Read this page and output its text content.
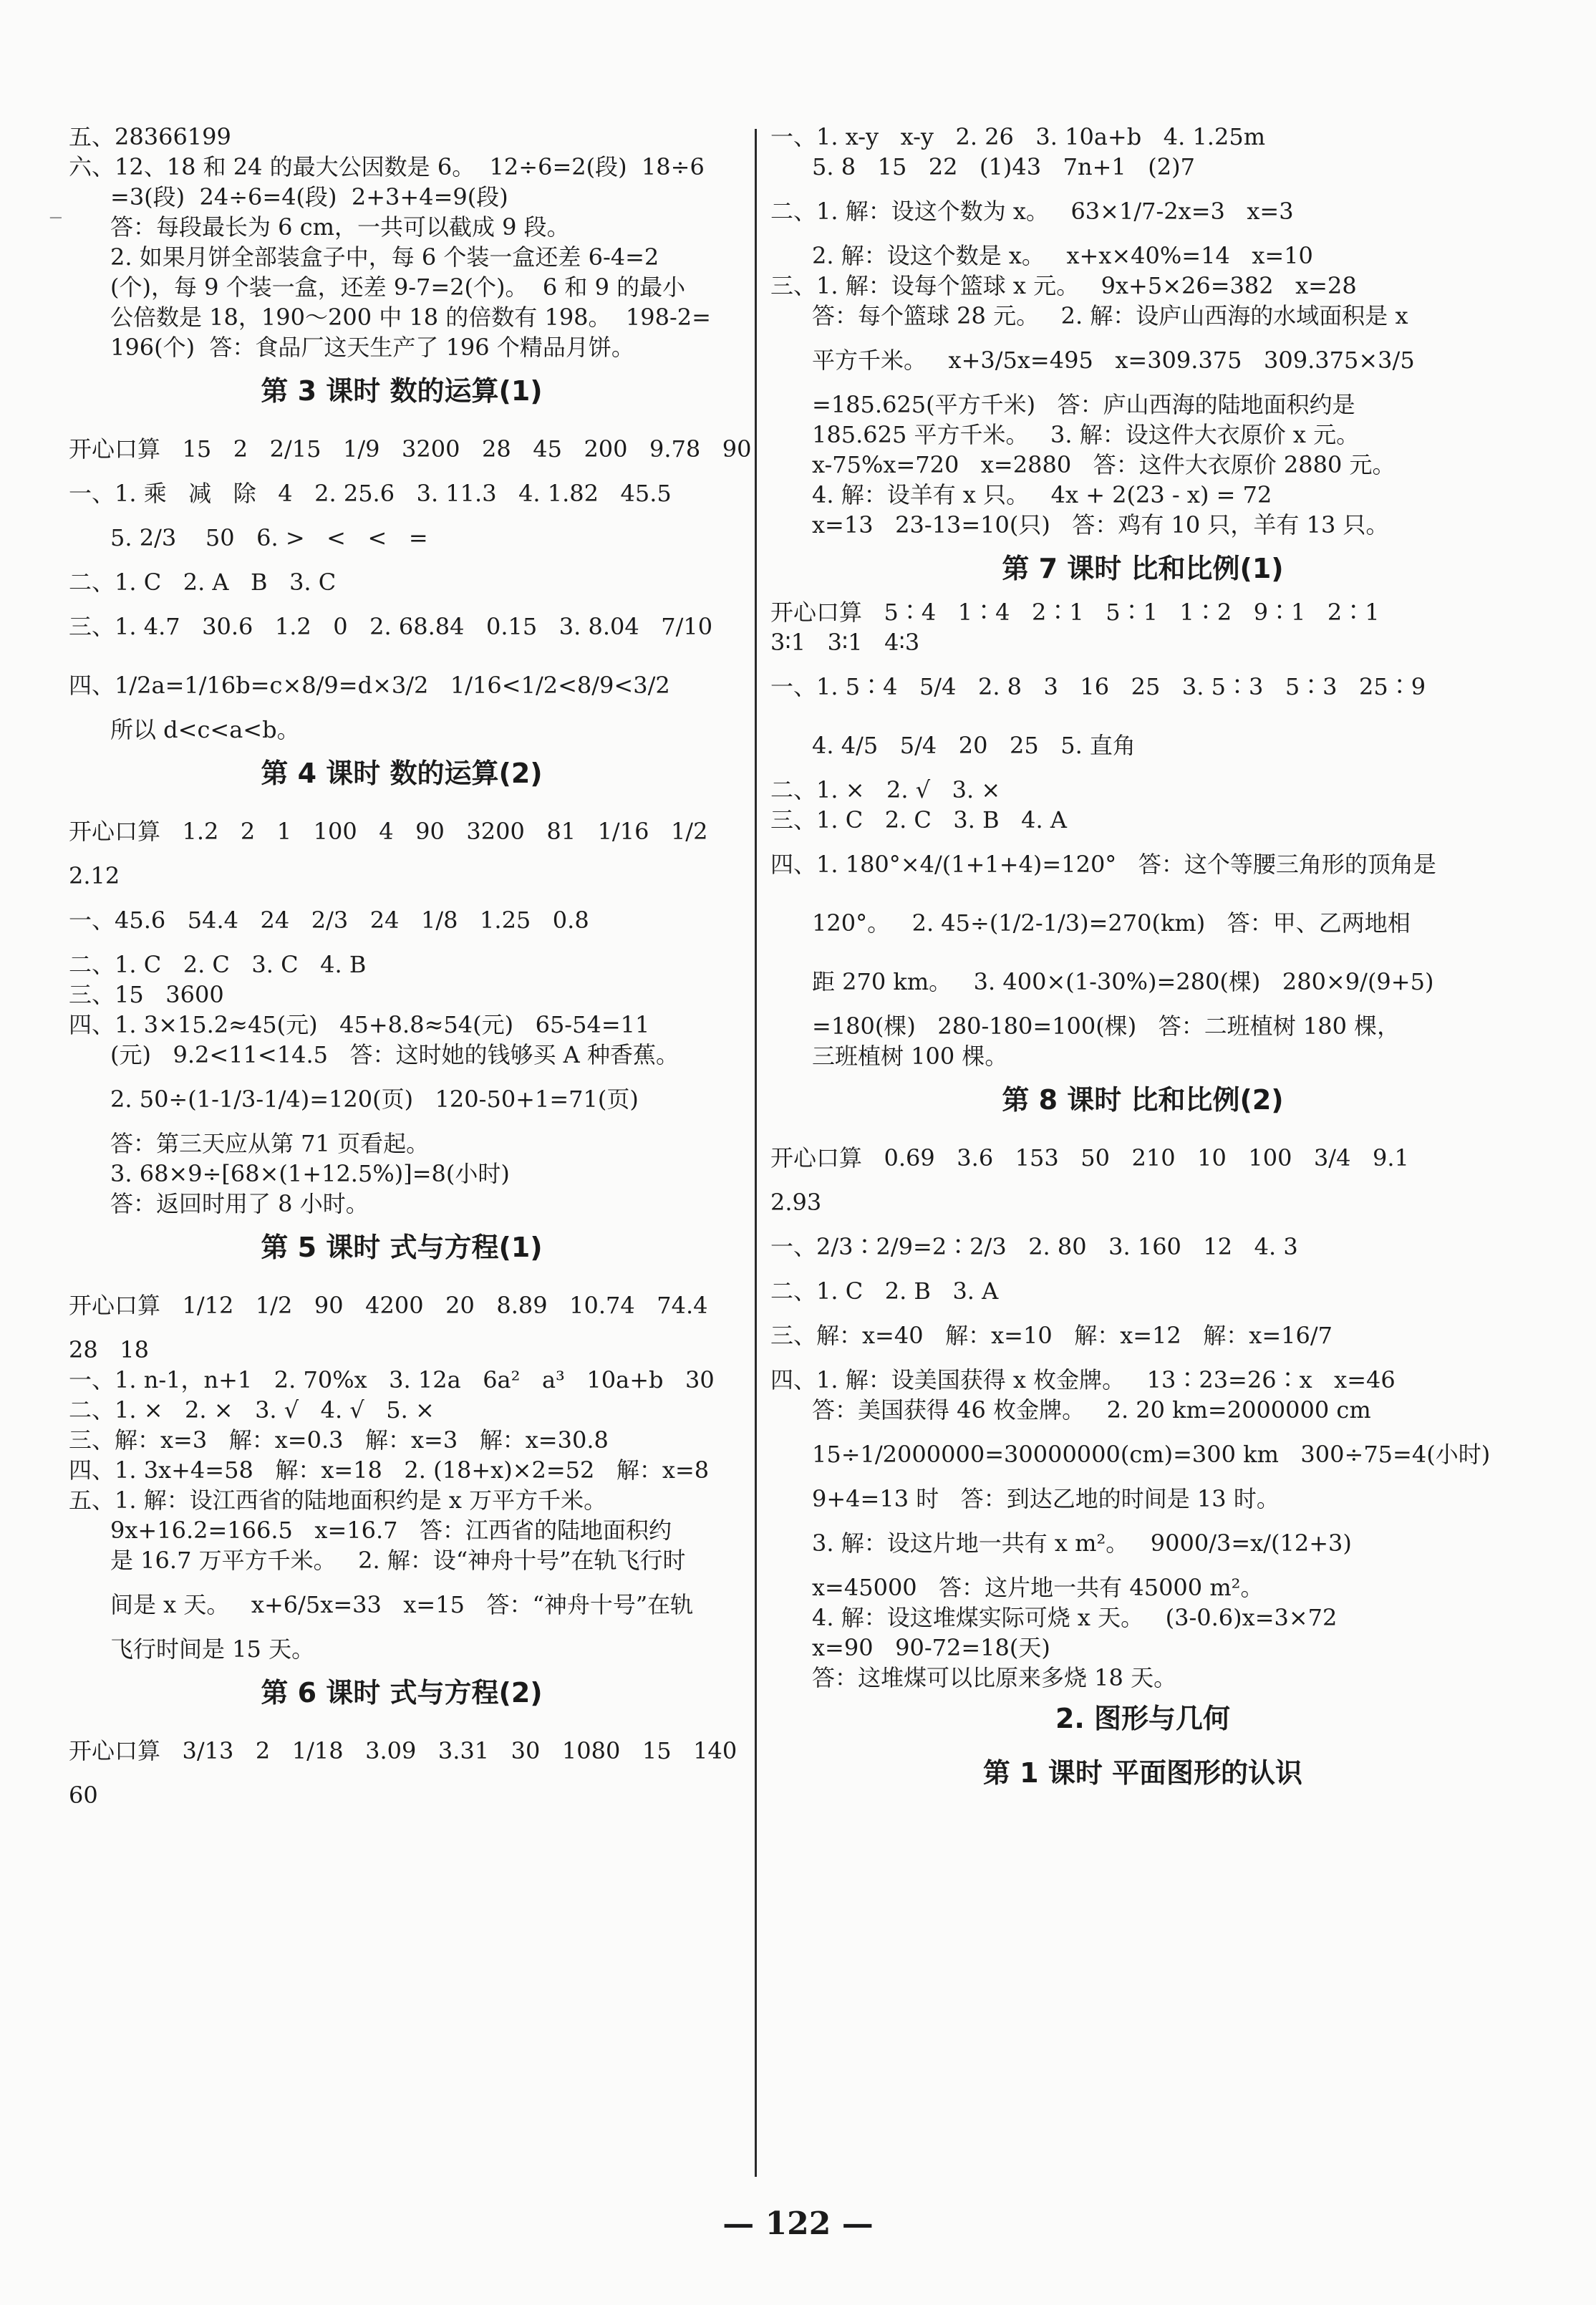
─
五、28366199
六、12、18 和 24 的最大公因数是 6。  12÷6=2(段)  18÷6
=3(段)  24÷6=4(段)  2+3+4=9(段)
答：每段最长为 6 cm，一共可以截成 9 段。
2. 如果月饼全部装盒子中，每 6 个装一盒还差 6-4=2
(个)，每 9 个装一盒，还差 9-7=2(个)。  6 和 9 的最小
公倍数是 18，190～200 中 18 的倍数有 198。  198-2=
196(个)  答：食品厂这天生产了 196 个精品月饼。
第 3 课时 数的运算(1)
开心口算   15   2   2/15   1/9   3200   28   45   200   9.78   90
一、1. 乘   减   除   4   2. 25.6   3. 11.3   4. 1.82   45.5
5. 2/3    50   6. >   <   <   =
二、1. C   2. A   B   3. C
三、1. 4.7   30.6   1.2   0   2. 68.84   0.15   3. 8.04   7/10
四、1/2a=1/16b=c×8/9=d×3/2   1/16<1/2<8/9<3/2
所以 d<c<a<b。
第 4 课时 数的运算(2)
开心口算   1.2   2   1   100   4   90   3200   81   1/16   1/2
2.12
一、45.6   54.4   24   2/3   24   1/8   1.25   0.8
二、1. C   2. C   3. C   4. B
三、15   3600
四、1. 3×15.2≈45(元)   45+8.8≈54(元)   65-54=11
(元)   9.2<11<14.5   答：这时她的钱够买 A 种香蕉。
2. 50÷(1-1/3-1/4)=120(页)   120-50+1=71(页)
答：第三天应从第 71 页看起。
3. 68×9÷[68×(1+12.5%)]=8(小时)
答：返回时用了 8 小时。
第 5 课时 式与方程(1)
开心口算   1/12   1/2   90   4200   20   8.89   10.74   74.4
28   18
一、1. n-1，n+1   2. 70%x   3. 12a   6a²   a³   10a+b   30
二、1. ×   2. ×   3. √   4. √   5. ×
三、解：x=3   解：x=0.3   解：x=3   解：x=30.8
四、1. 3x+4=58   解：x=18   2. (18+x)×2=52   解：x=8
五、1. 解：设江西省的陆地面积约是 x 万平方千米。
9x+16.2=166.5   x=16.7   答：江西省的陆地面积约
是 16.7 万平方千米。   2. 解：设“神舟十号”在轨飞行时
间是 x 天。   x+6/5x=33   x=15   答：“神舟十号”在轨
飞行时间是 15 天。
第 6 课时 式与方程(2)
开心口算   3/13   2   1/18   3.09   3.31   30   1080   15   140
60
一、1. x-y   x-y   2. 26   3. 10a+b   4. 1.25m
5. 8   15   22   (1)43   7n+1   (2)7
二、1. 解：设这个数为 x。   63×1/7-2x=3   x=3
2. 解：设这个数是 x。   x+x×40%=14   x=10
三、1. 解：设每个篮球 x 元。   9x+5×26=382   x=28
答：每个篮球 28 元。   2. 解：设庐山西海的水域面积是 x
平方千米。   x+3/5x=495   x=309.375   309.375×3/5
=185.625(平方千米)   答：庐山西海的陆地面积约是
185.625 平方千米。   3. 解：设这件大衣原价 x 元。
x-75%x=720   x=2880   答：这件大衣原价 2880 元。
4. 解：设羊有 x 只。   4x + 2(23 - x) = 72
x=13   23-13=10(只)   答：鸡有 10 只，羊有 13 只。
第 7 课时 比和比例(1)
开心口算   5∶4   1∶4   2∶1   5∶1   1∶2   9∶1   2∶1
3∶1   3∶1   4∶3
一、1. 5∶4   5/4   2. 8   3   16   25   3. 5∶3   5∶3   25∶9
4. 4/5   5/4   20   25   5. 直角
二、1. ×   2. √   3. ×
三、1. C   2. C   3. B   4. A
四、1. 180°×4/(1+1+4)=120°   答：这个等腰三角形的顶角是
120°。   2. 45÷(1/2-1/3)=270(km)   答：甲、乙两地相
距 270 km。   3. 400×(1-30%)=280(棵)   280×9/(9+5)
=180(棵)   280-180=100(棵)   答：二班植树 180 棵，
三班植树 100 棵。
第 8 课时 比和比例(2)
开心口算   0.69   3.6   153   50   210   10   100   3/4   9.1
2.93
一、2/3∶2/9=2∶2/3   2. 80   3. 160   12   4. 3
二、1. C   2. B   3. A
三、解：x=40   解：x=10   解：x=12   解：x=16/7
四、1. 解：设美国获得 x 枚金牌。   13∶23=26∶x   x=46
答：美国获得 46 枚金牌。   2. 20 km=2000000 cm
15÷1/2000000=30000000(cm)=300 km   300÷75=4(小时)
9+4=13 时   答：到达乙地的时间是 13 时。
3. 解：设这片地一共有 x m²。   9000/3=x/(12+3)
x=45000   答：这片地一共有 45000 m²。
4. 解：设这堆煤实际可烧 x 天。   (3-0.6)x=3×72
x=90   90-72=18(天)
答：这堆煤可以比原来多烧 18 天。
2. 图形与几何
第 1 课时 平面图形的认识
— 122 —
